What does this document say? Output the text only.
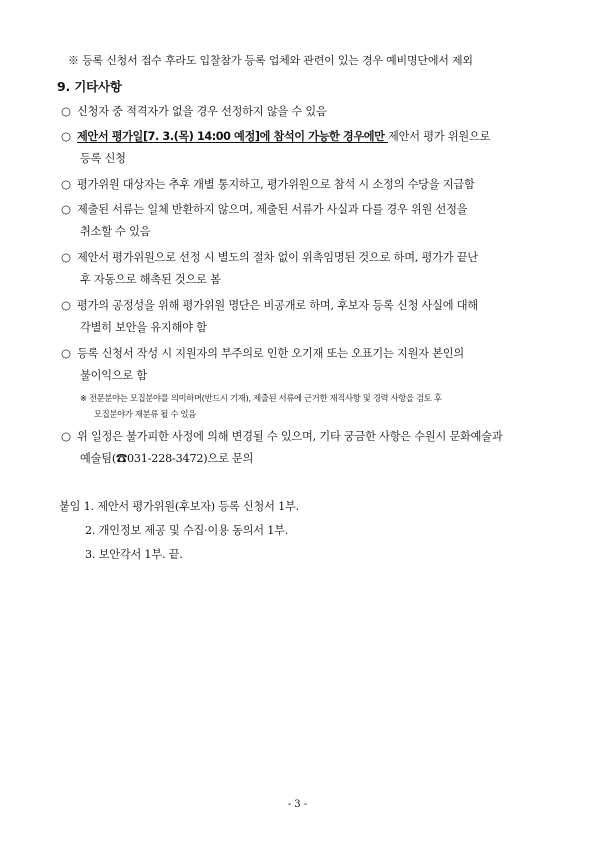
※ 등록 신청서 접수 후라도 입찰참가 등록 업체와 관련이 있는 경우 예비명단에서 제외
9. 기타사항
○ 신청자 중 적격자가 없을 경우 선정하지 않을 수 있음
○ 제안서 평가일[7. 3.(목) 14:00 예정]에 참석이 가능한 경우에만 제안서 평가 위원으로
등록 신청
○ 평가위원 대상자는 추후 개별 통지하고, 평가위원으로 참석 시 소정의 수당을 지급함
○ 제출된 서류는 일체 반환하지 않으며, 제출된 서류가 사실과 다를 경우 위원 선정을
취소할 수 있음
○ 제안서 평가위원으로 선정 시 별도의 절차 없이 위촉임명된 것으로 하며, 평가가 끝난
후 자동으로 해촉된 것으로 봄
○ 평가의 공정성을 위해 평가위원 명단은 비공개로 하며, 후보자 등록 신청 사실에 대해
각별히 보안을 유지해야 함
○ 등록 신청서 작성 시 지원자의 부주의로 인한 오기재 또는 오표기는 지원자 본인의
불이익으로 함
※ 전문분야는 모집분야를 의미하며(반드시 기재), 제출된 서류에 근거한 재직사항 및 경력 사항을 검토 후
모집분야가 재분류 될 수 있음
○ 위 일정은 불가피한 사정에 의해 변경될 수 있으며, 기타 궁금한 사항은 수원시 문화예술과
예술팀(☎031-228-3472)으로 문의
붙임 1. 제안서 평가위원(후보자) 등록 신청서 1부.
2. 개인정보 제공 및 수집·이용 동의서 1부.
3. 보안각서 1부. 끝.
- 3 -
